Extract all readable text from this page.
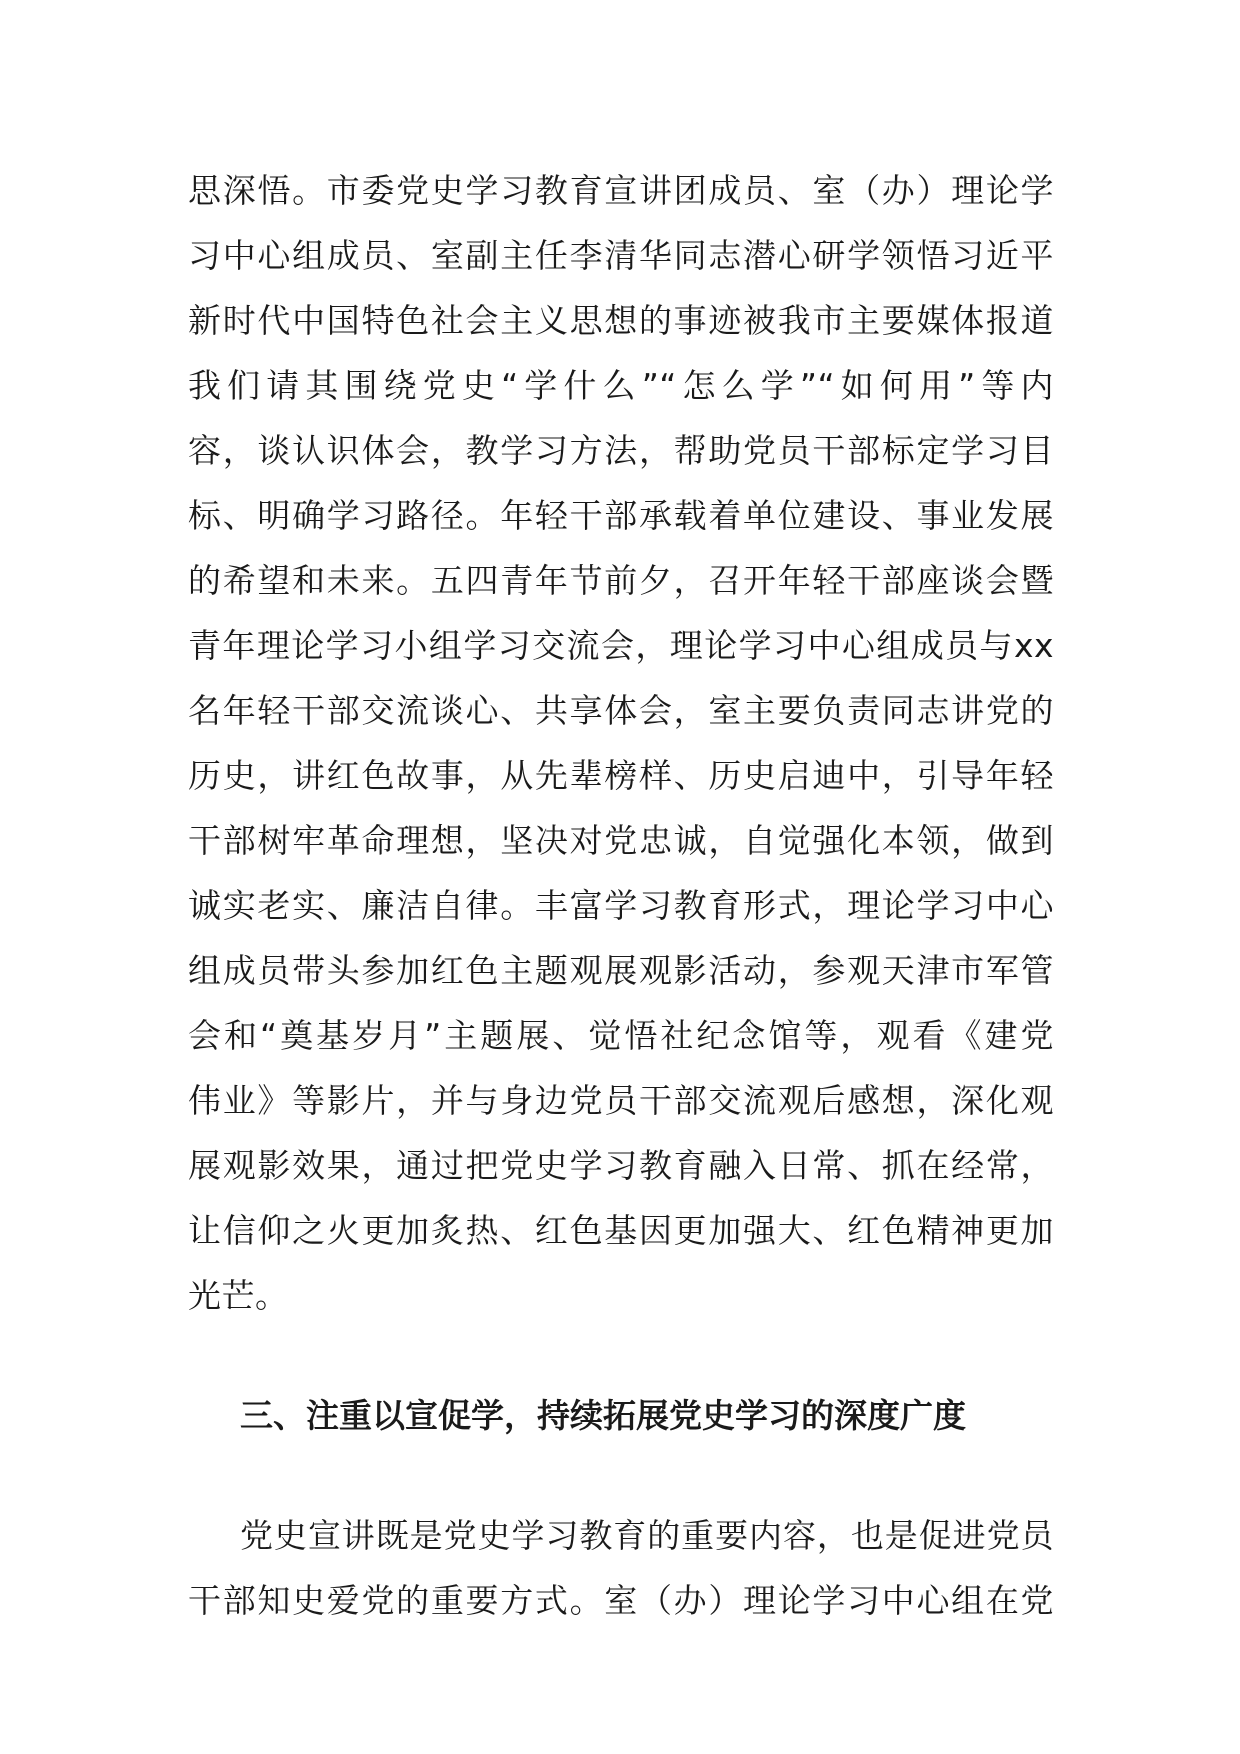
思深悟。市委党史学习教育宣讲团成员、室（办）理论学
习中心组成员、室副主任李清华同志潜心研学领悟习近平
新时代中国特色社会主义思想的事迹被我市主要媒体报道
我们请其围绕党史“学什么”“怎么学”“如何用”等内
容，谈认识体会，教学习方法，帮助党员干部标定学习目
标、明确学习路径。年轻干部承载着单位建设、事业发展
的希望和未来。五四青年节前夕，召开年轻干部座谈会暨
青年理论学习小组学习交流会，理论学习中心组成员与xx
名年轻干部交流谈心、共享体会，室主要负责同志讲党的
历史，讲红色故事，从先辈榜样、历史启迪中，引导年轻
干部树牢革命理想，坚决对党忠诚，自觉强化本领，做到
诚实老实、廉洁自律。丰富学习教育形式，理论学习中心
组成员带头参加红色主题观展观影活动，参观天津市军管
会和“奠基岁月”主题展、觉悟社纪念馆等，观看《建党
伟业》等影片，并与身边党员干部交流观后感想，深化观
展观影效果，通过把党史学习教育融入日常、抓在经常，
让信仰之火更加炙热、红色基因更加强大、红色精神更加
光芒。
三、注重以宣促学，持续拓展党史学习的深度广度
党史宣讲既是党史学习教育的重要内容，也是促进党员
干部知史爱党的重要方式。室（办）理论学习中心组在党
